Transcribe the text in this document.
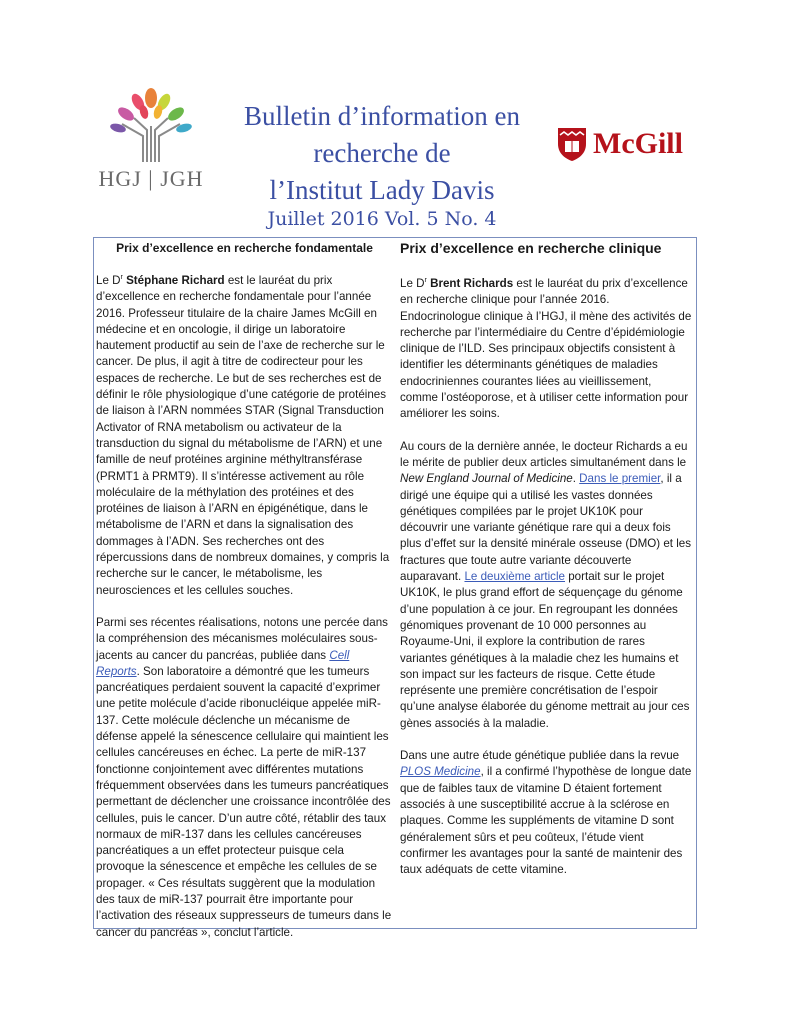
HGJ | JGH
Bulletin d’information en
recherche de
l’Institut Lady Davis
McGill
Juillet 2016 Vol. 5 No. 4
Prix d’excellence en recherche fondamentale

Le $D^r$ Stéphane Richard est le lauréat du prix d’excellence en recherche fondamentale pour l’année 2016. Professeur titulaire de la chaire James McGill en médecine et en oncologie, il dirige un laboratoire hautement productif au sein de l’axe de recherche sur le cancer. De plus, il agit à titre de codirecteur pour les espaces de recherche. Le but de ses recherches est de définir le rôle physiologique d’une catégorie de protéines de liaison à l’ARN nommées STAR (Signal Transduction Activator of RNA metabolism ou activateur de la transduction du signal du métabolisme de l’ARN) et une famille de neuf protéines arginine méthyltransférase (PRMT1 à PRMT9). Il s’intéresse activement au rôle moléculaire de la méthylation des protéines et des protéines de liaison à l’ARN en épigénétique, dans le métabolisme de l’ARN et dans la signalisation des dommages à l’ADN. Ses recherches ont des répercussions dans de nombreux domaines, y compris la recherche sur le cancer, le métabolisme, les neurosciences et les cellules souches.

Parmi ses récentes réalisations, notons une percée dans la compréhension des mécanismes moléculaires sous-jacents au cancer du pancréas, publiée dans Cell Reports. Son laboratoire a démontré que les tumeurs pancréatiques perdaient souvent la capacité d’exprimer une petite molécule d’acide ribonucléique appelée miR-137. Cette molécule déclenche un mécanisme de défense appelé la sénescence cellulaire qui maintient les cellules cancéreuses en échec. La perte de miR-137 fonctionne conjointement avec différentes mutations fréquemment observées dans les tumeurs pancréatiques permettant de déclencher une croissance incontrôlée des cellules, puis le cancer. D’un autre côté, rétablir des taux normaux de miR-137 dans les cellules cancéreuses pancréatiques a un effet protecteur puisque cela provoque la sénescence et empêche les cellules de se propager. « Ces résultats suggèrent que la modulation des taux de miR-137 pourrait être importante pour l’activation des réseaux suppresseurs de tumeurs dans le cancer du pancréas », conclut l’article.

Prix d’excellence en recherche clinique

Le $D^r$ Brent Richards est le lauréat du prix d’excellence en recherche clinique pour l’année 2016. Endocrinologue clinique à l’HGJ, il mène des activités de recherche par l’intermédiaire du Centre d’épidémiologie clinique de l’ILD. Ses principaux objectifs consistent à identifier les déterminants génétiques de maladies endocriniennes courantes liées au vieillissement, comme l’ostéoporose, et à utiliser cette information pour améliorer les soins.

Au cours de la dernière année, le docteur Richards a eu le mérite de publier deux articles simultanément dans le New England Journal of Medicine. Dans le premier, il a dirigé une équipe qui a utilisé les vastes données génétiques compilées par le projet UK10K pour découvrir une variante génétique rare qui a deux fois plus d’effet sur la densité minérale osseuse (DMO) et les fractures que toute autre variante découverte auparavant. Le deuxième article portait sur le projet UK10K, le plus grand effort de séquençage du génome d’une population à ce jour. En regroupant les données génomiques provenant de 10 000 personnes au Royaume-Uni, il explore la contribution de rares variantes génétiques à la maladie chez les humains et son impact sur les facteurs de risque. Cette étude représente une première concrétisation de l’espoir qu’une analyse élaborée du génome mettrait au jour ces gènes associés à la maladie.

Dans une autre étude génétique publiée dans la revue PLOS Medicine, il a confirmé l’hypothèse de longue date que de faibles taux de vitamine D étaient fortement associés à une susceptibilité accrue à la sclérose en plaques. Comme les suppléments de vitamine D sont généralement sûrs et peu coûteux, l’étude vient confirmer les avantages pour la santé de maintenir des taux adéquats de cette vitamine.
